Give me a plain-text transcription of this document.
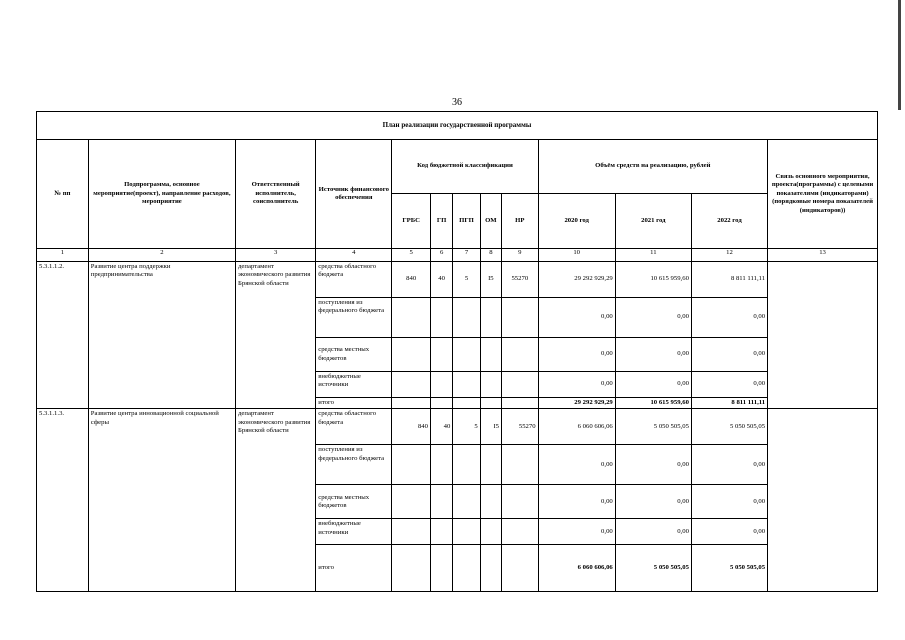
36
План реализации государственной программы												
№ пп	Подпрограмма, основное мероприятие(проект), направление расходов, мероприятие	Ответственный исполнитель, соисполнитель	Источник финансового обеспечения	Код бюджетной классификации					Объём средств на реализацию, рублей			Связь основного мероприятия, проекта(программы) с целевыми показателями (индикаторами) (порядковые номера показателей (индикаторов))
				ГРБС	ГП	ПГП	ОМ	НР	2020 год	2021 год	2022 год	
1	2	3	4	5	6	7	8	9	10	11	12	13
5.3.1.1.2.	Развитие центра поддержки предпринимательства	департамент экономического развития Брянской области	средства областного бюджета	840	40	5	I5	55270	29 292 929,29	10 615 959,60	8 811 111,11	
			поступления из федерального бюджета						0,00	0,00	0,00	
			средства местных бюджетов						0,00	0,00	0,00	
			внебюджетные источники						0,00	0,00	0,00	
			итого						29 292 929,29	10 615 959,60	8 811 111,11	
5.3.1.1.3.	Развитие центра инновационной социальной сферы	департамент экономического развития Брянской области	средства областного бюджета	840	40	5	I5	55270	6 060 606,06	5 050 505,05	5 050 505,05	
			поступления из федерального бюджета						0,00	0,00	0,00	
			средства местных бюджетов						0,00	0,00	0,00	
			внебюджетные источники						0,00	0,00	0,00	
			итого						6 060 606,06	5 050 505,05	5 050 505,05	
